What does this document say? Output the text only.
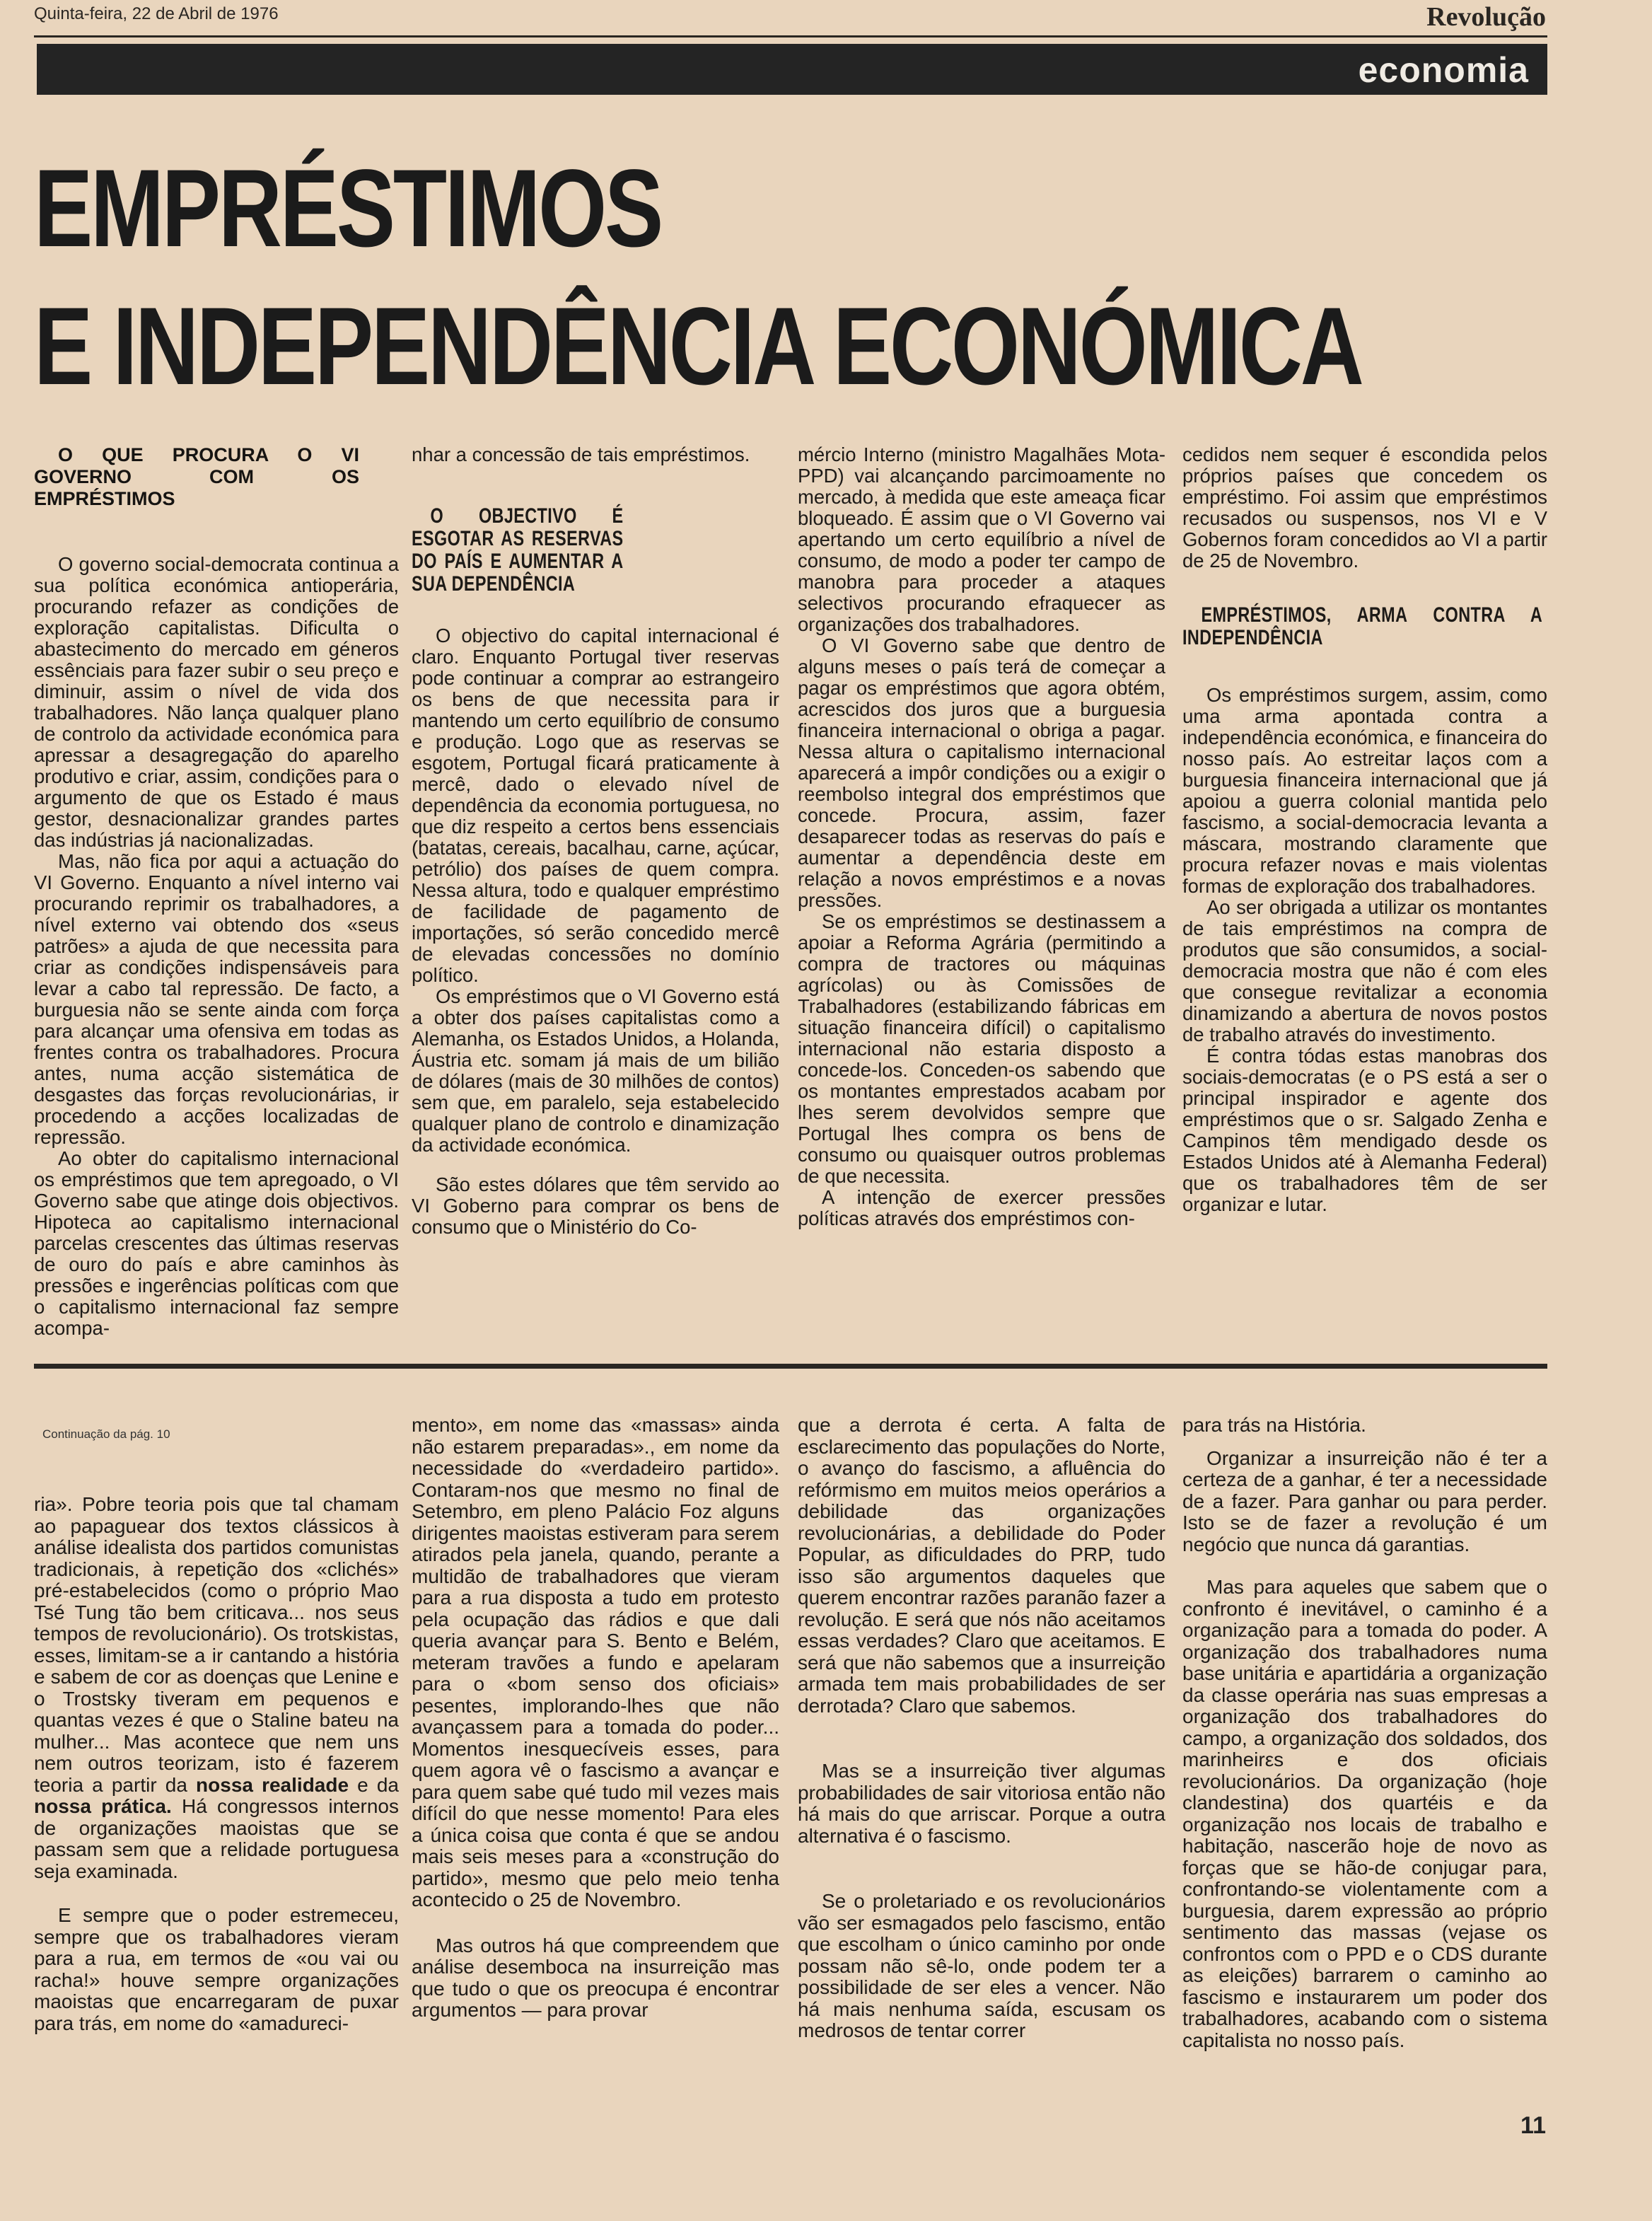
Quinta-feira, 22 de Abril de 1976	Revolução
economia
EMPRÉSTIMOS
E INDEPENDÊNCIA ECONÓMICA

O QUE PROCURA O VI GOVERNO COM OS EMPRÉSTIMOS

O governo social-democrata continua a sua política económica antioperária, procurando refazer as condições de exploração capitalistas. Dificulta o abastecimento do mercado em géneros essênciais para fazer subir o seu preço e diminuir, assim o nível de vida dos trabalhadores. Não lança qualquer plano de controlo da actividade económica para apressar a desagregação do aparelho produtivo e criar, assim, condições para o argumento de que os Estado é maus gestor, desnacionalizar grandes partes das indústrias já nacionalizadas.

Mas, não fica por aqui a actuação do VI Governo. Enquanto a nível interno vai procurando reprimir os trabalhadores, a nível externo vai obtendo dos «seus patrões» a ajuda de que necessita para criar as condições indispensáveis para levar a cabo tal repressão. De facto, a burguesia não se sente ainda com força para alcançar uma ofensiva em todas as frentes contra os trabalhadores. Procura antes, numa acção sistemática de desgastes das forças revolucionárias, ir procedendo a acções localizadas de repressão.

Ao obter do capitalismo internacional os empréstimos que tem apregoado, o VI Governo sabe que atinge dois objectivos. Hipoteca ao capitalismo internacional parcelas crescentes das últimas reservas de ouro do país e abre caminhos às pressões e ingerências políticas com que o capitalismo internacional faz sempre acompa-

nhar a concessão de tais empréstimos.

O OBJECTIVO É ESGOTAR AS RESERVAS DO PAÍS E AUMENTAR A SUA DEPENDÊNCIA

O objectivo do capital internacional é claro. Enquanto Portugal tiver reservas pode continuar a comprar ao estrangeiro os bens de que necessita para ir mantendo um certo equilíbrio de consumo e produção. Logo que as reservas se esgotem, Portugal ficará praticamente à mercê, dado o elevado nível de dependência da economia portuguesa, no que diz respeito a certos bens essenciais (batatas, cereais, bacalhau, carne, açúcar, petrólio) dos países de quem compra. Nessa altura, todo e qualquer empréstimo de facilidade de pagamento de importações, só serão concedido mercê de elevadas concessões no domínio político.

Os empréstimos que o VI Governo está a obter dos países capitalistas como a Alemanha, os Estados Unidos, a Holanda, Áustria etc. somam já mais de um bilião de dólares (mais de 30 milhões de contos) sem que, em paralelo, seja estabelecido qualquer plano de controlo e dinamização da actividade económica.

São estes dólares que têm servido ao VI Goberno para comprar os bens de consumo que o Ministério do Co-

mércio Interno (ministro Magalhães Mota-PPD) vai alcançando parcimoamente no mercado, à medida que este ameaça ficar bloqueado. É assim que o VI Governo vai apertando um certo equilíbrio a nível de consumo, de modo a poder ter campo de manobra para proceder a ataques selectivos procurando efraquecer as organizações dos trabalhadores.

O VI Governo sabe que dentro de alguns meses o país terá de começar a pagar os empréstimos que agora obtém, acrescidos dos juros que a burguesia financeira internacional o obriga a pagar. Nessa altura o capitalismo internacional aparecerá a impôr condições ou a exigir o reembolso integral dos empréstimos que concede. Procura, assim, fazer desaparecer todas as reservas do país e aumentar a dependência deste em relação a novos empréstimos e a novas pressões.

Se os empréstimos se destinassem a apoiar a Reforma Agrária (permitindo a compra de tractores ou máquinas agrícolas) ou às Comissões de Trabalhadores (estabilizando fábricas em situação financeira difícil) o capitalismo internacional não estaria disposto a concede-los. Conceden-os sabendo que os montantes emprestados acabam por lhes serem devolvidos sempre que Portugal lhes compra os bens de consumo ou quaisquer outros problemas de que necessita.

A intenção de exercer pressões políticas através dos empréstimos con-

cedidos nem sequer é escondida pelos próprios países que concedem os empréstimo. Foi assim que empréstimos recusados ou suspensos, nos VI e V Gobernos foram concedidos ao VI a partir de 25 de Novembro.

EMPRÉSTIMOS, ARMA CONTRA A INDEPENDÊNCIA

Os empréstimos surgem, assim, como uma arma apontada contra a independência económica, e financeira do nosso país. Ao estreitar laços com a burguesia financeira internacional que já apoiou a guerra colonial mantida pelo fascismo, a social-democracia levanta a máscara, mostrando claramente que procura refazer novas e mais violentas formas de exploração dos trabalhadores.

Ao ser obrigada a utilizar os montantes de tais empréstimos na compra de produtos que são consumidos, a social-democracia mostra que não é com eles que consegue revitalizar a economia dinamizando a abertura de novos postos de trabalho através do investimento.

É contra tódas estas manobras dos sociais-democratas (e o PS está a ser o principal inspirador e agente dos empréstimos que o sr. Salgado Zenha e Campinos têm mendigado desde os Estados Unidos até à Alemanha Federal) que os trabalhadores têm de ser organizar e lutar.

Continuação da pág. 10

ria». Pobre teoria pois que tal chamam ao papaguear dos textos clássicos à análise idealista dos partidos comunistas tradicionais, à repetição dos «clichés» pré-estabelecidos (como o próprio Mao Tsé Tung tão bem criticava... nos seus tempos de revolucionário). Os trotskistas, esses, limitam-se a ir cantando a história e sabem de cor as doenças que Lenine e o Trostsky tiveram em pequenos e quantas vezes é que o Staline bateu na mulher... Mas acontece que nem uns nem outros teorizam, isto é fazerem teoria a partir da nossa realidade e da nossa prática. Há congressos internos de organizações maoistas que se passam sem que a relidade portuguesa seja examinada.

E sempre que o poder estremeceu, sempre que os trabalhadores vieram para a rua, em termos de «ou vai ou racha!» houve sempre organizações maoistas que encarregaram de puxar para trás, em nome do «amadureci-

mento», em nome das «massas» ainda não estarem preparadas»., em nome da necessidade do «verdadeiro partido». Contaram-nos que mesmo no final de Setembro, em pleno Palácio Foz alguns dirigentes maoistas estiveram para serem atirados pela janela, quando, perante a multidão de trabalhadores que vieram para a rua disposta a tudo em protesto pela ocupação das rádios e que dali queria avançar para S. Bento e Belém, meteram travões a fundo e apelaram para o «bom senso dos oficiais» pesentes, implorando-lhes que não avançassem para a tomada do poder... Momentos inesquecíveis esses, para quem agora vê o fascismo a avançar e para quem sabe qué tudo mil vezes mais difícil do que nesse momento! Para eles a única coisa que conta é que se andou mais seis meses para a «construção do partido», mesmo que pelo meio tenha acontecido o 25 de Novembro.

Mas outros há que compreendem que análise desemboca na insurreição mas que tudo o que os preocupa é encontrar argumentos — para provar

que a derrota é certa. A falta de esclarecimento das populações do Norte, o avanço do fascismo, a afluência do refórmismo em muitos meios operários a debilidade das organizações revolucionárias, a debilidade do Poder Popular, as dificuldades do PRP, tudo isso são argumentos daqueles que querem encontrar razões paranão fazer a revolução. E será que nós não aceitamos essas verdades? Claro que aceitamos. E será que não sabemos que a insurreição armada tem mais probabilidades de ser derrotada? Claro que sabemos.

Mas se a insurreição tiver algumas probabilidades de sair vitoriosa então não há mais do que arriscar. Porque a outra alternativa é o fascismo.

Se o proletariado e os revolucionários vão ser esmagados pelo fascismo, então que escolham o único caminho por onde possam não sê-lo, onde podem ter a possibilidade de ser eles a vencer. Não há mais nenhuma saída, escusam os medrosos de tentar correr

para trás na História.

Organizar a insurreição não é ter a certeza de a ganhar, é ter a necessidade de a fazer. Para ganhar ou para perder. Isto se de fazer a revolução é um negócio que nunca dá garantias.

Mas para aqueles que sabem que o confronto é inevitável, o caminho é a organização para a tomada do poder. A organização dos trabalhadores numa base unitária e apartidária a organização da classe operária nas suas empresas a organização dos trabalhadores do campo, a organização dos soldados, dos marinheirεs e dos oficiais revolucionários. Da organização (hoje clandestina) dos quartéis e da organização nos locais de trabalho e habitação, nascerão hoje de novo as forças que se hão-de conjugar para, confrontando-se violentamente com a burguesia, darem expressão ao próprio sentimento das massas (vejase os confrontos com o PPD e o CDS durante as eleições) barrarem o caminho ao fascismo e instaurarem um poder dos trabalhadores, acabando com o sistema capitalista no nosso país.

11
